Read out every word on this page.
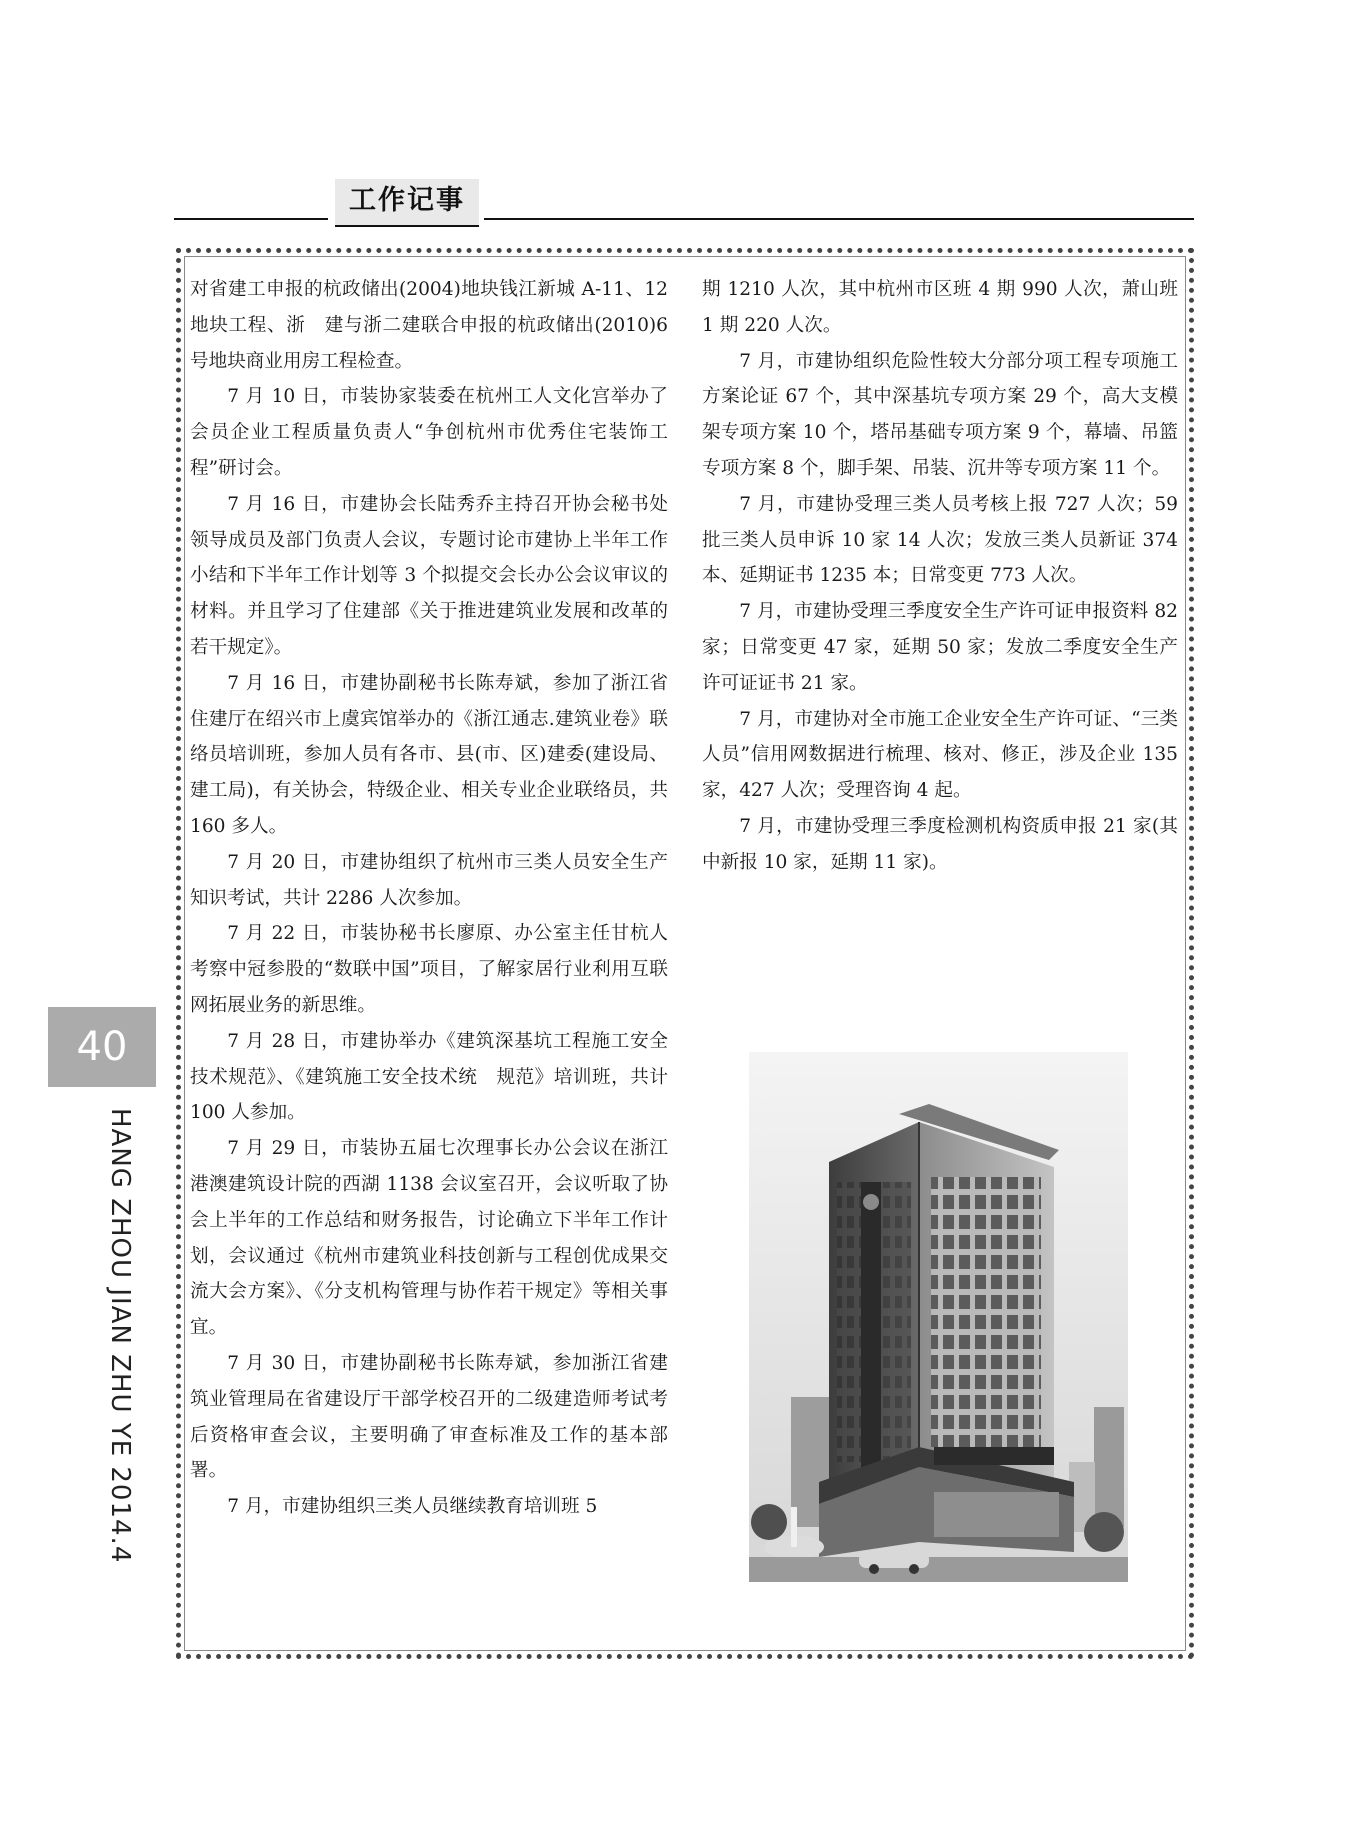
工作记事

对省建工申报的杭政储出(2004)地块钱江新城 A-11、12 地块工程、浙　建与浙二建联合申报的杭政储出(2010)6 号地块商业用房工程检查。

7 月 10 日，市装协家装委在杭州工人文化宫举办了会员企业工程质量负责人“争创杭州市优秀住宅装饰工程”研讨会。

7 月 16 日，市建协会长陆秀乔主持召开协会秘书处领导成员及部门负责人会议，专题讨论市建协上半年工作小结和下半年工作计划等 3 个拟提交会长办公会议审议的材料。并且学习了住建部《关于推进建筑业发展和改革的若干规定》。

7 月 16 日，市建协副秘书长陈寿斌，参加了浙江省住建厅在绍兴市上虞宾馆举办的《浙江通志.建筑业卷》联络员培训班，参加人员有各市、县(市、区)建委(建设局、建工局)，有关协会，特级企业、相关专业企业联络员，共 160 多人。

7 月 20 日，市建协组织了杭州市三类人员安全生产知识考试，共计 2286 人次参加。

7 月 22 日，市装协秘书长廖原、办公室主任甘杭人考察中冠参股的“数联中国”项目，了解家居行业利用互联网拓展业务的新思维。

7 月 28 日，市建协举办《建筑深基坑工程施工安全技术规范》、《建筑施工安全技术统　规范》培训班，共计 100 人参加。

7 月 29 日，市装协五届七次理事长办公会议在浙江港澳建筑设计院的西湖 1138 会议室召开，会议听取了协会上半年的工作总结和财务报告，讨论确立下半年工作计划，会议通过《杭州市建筑业科技创新与工程创优成果交流大会方案》、《分支机构管理与协作若干规定》等相关事宜。

7 月 30 日，市建协副秘书长陈寿斌，参加浙江省建筑业管理局在省建设厅干部学校召开的二级建造师考试考后资格审查会议，主要明确了审查标准及工作的基本部署。

7 月，市建协组织三类人员继续教育培训班 5

期 1210 人次，其中杭州市区班 4 期 990 人次，萧山班 1 期 220 人次。

7 月，市建协组织危险性较大分部分项工程专项施工方案论证 67 个，其中深基坑专项方案 29 个，高大支模架专项方案 10 个，塔吊基础专项方案 9 个，幕墙、吊篮专项方案 8 个，脚手架、吊装、沉井等专项方案 11 个。

7 月，市建协受理三类人员考核上报 727 人次；59 批三类人员申诉 10 家 14 人次；发放三类人员新证 374 本、延期证书 1235 本；日常变更 773 人次。

7 月，市建协受理三季度安全生产许可证申报资料 82 家；日常变更 47 家，延期 50 家；发放二季度安全生产许可证证书 21 家。

7 月，市建协对全市施工企业安全生产许可证、“三类人员”信用网数据进行梳理、核对、修正，涉及企业 135 家，427 人次；受理咨询 4 起。

7 月，市建协受理三季度检测机构资质申报 21 家(其中新报 10 家，延期 11 家)。

40
HANG ZHOU JIAN ZHU YE 2014.4
